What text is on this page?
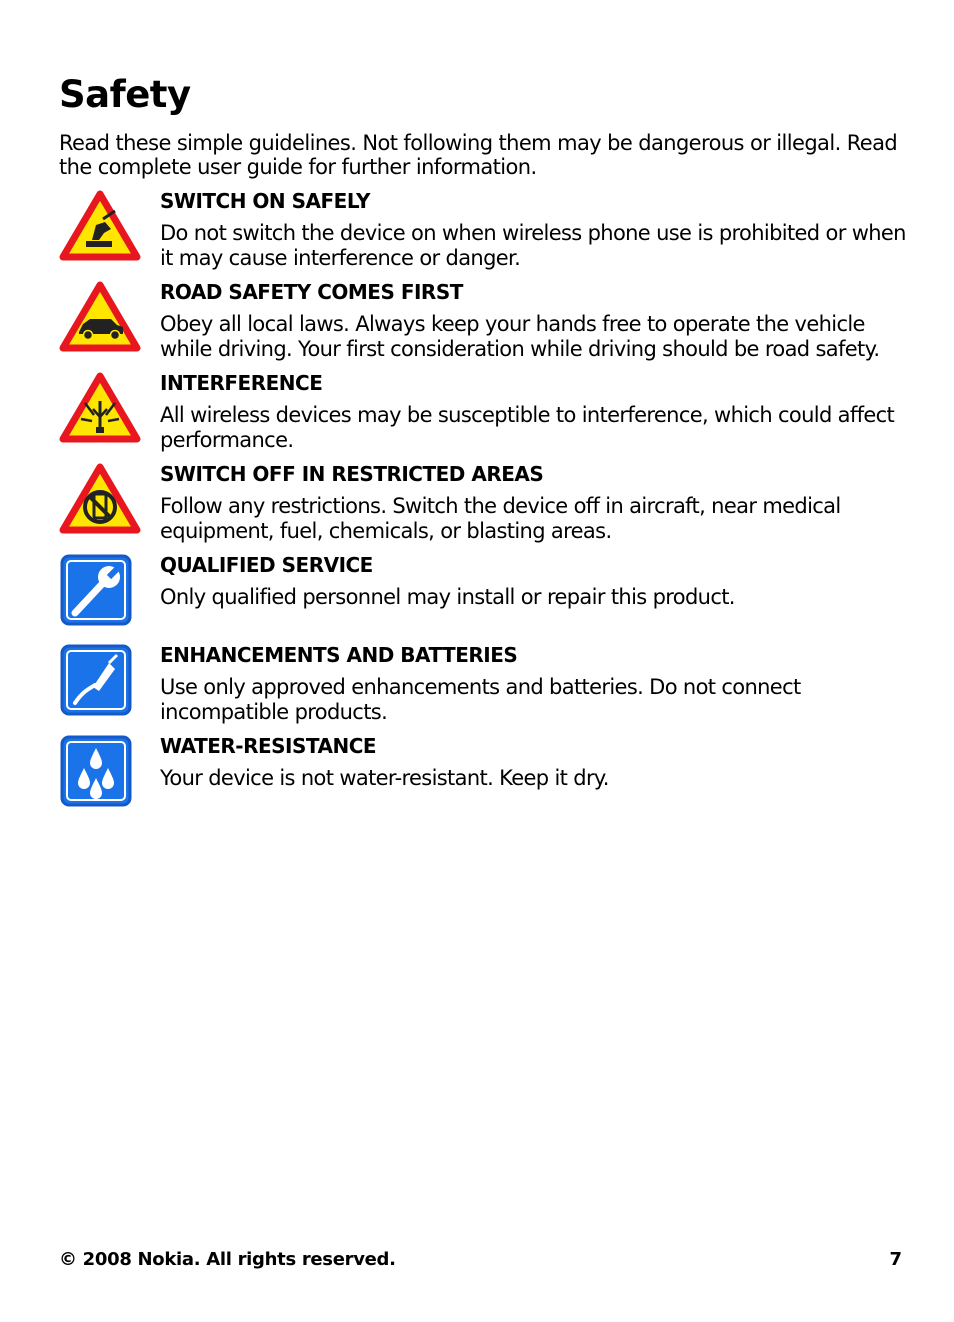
Safety

Read these simple guidelines. Not following them may be dangerous or illegal. Read the complete user guide for further information.

SWITCH ON SAFELY

Do not switch the device on when wireless phone use is prohibited or when it may cause interference or danger.

ROAD SAFETY COMES FIRST

Obey all local laws. Always keep your hands free to operate the vehicle while driving. Your first consideration while driving should be road safety.

INTERFERENCE

All wireless devices may be susceptible to interference, which could affect performance.

SWITCH OFF IN RESTRICTED AREAS

Follow any restrictions. Switch the device off in aircraft, near medical equipment, fuel, chemicals, or blasting areas.

QUALIFIED SERVICE

Only qualified personnel may install or repair this product.

ENHANCEMENTS AND BATTERIES

Use only approved enhancements and batteries. Do not connect incompatible products.

WATER-RESISTANCE

Your device is not water-resistant. Keep it dry.

© 2008 Nokia. All rights reserved.	7
